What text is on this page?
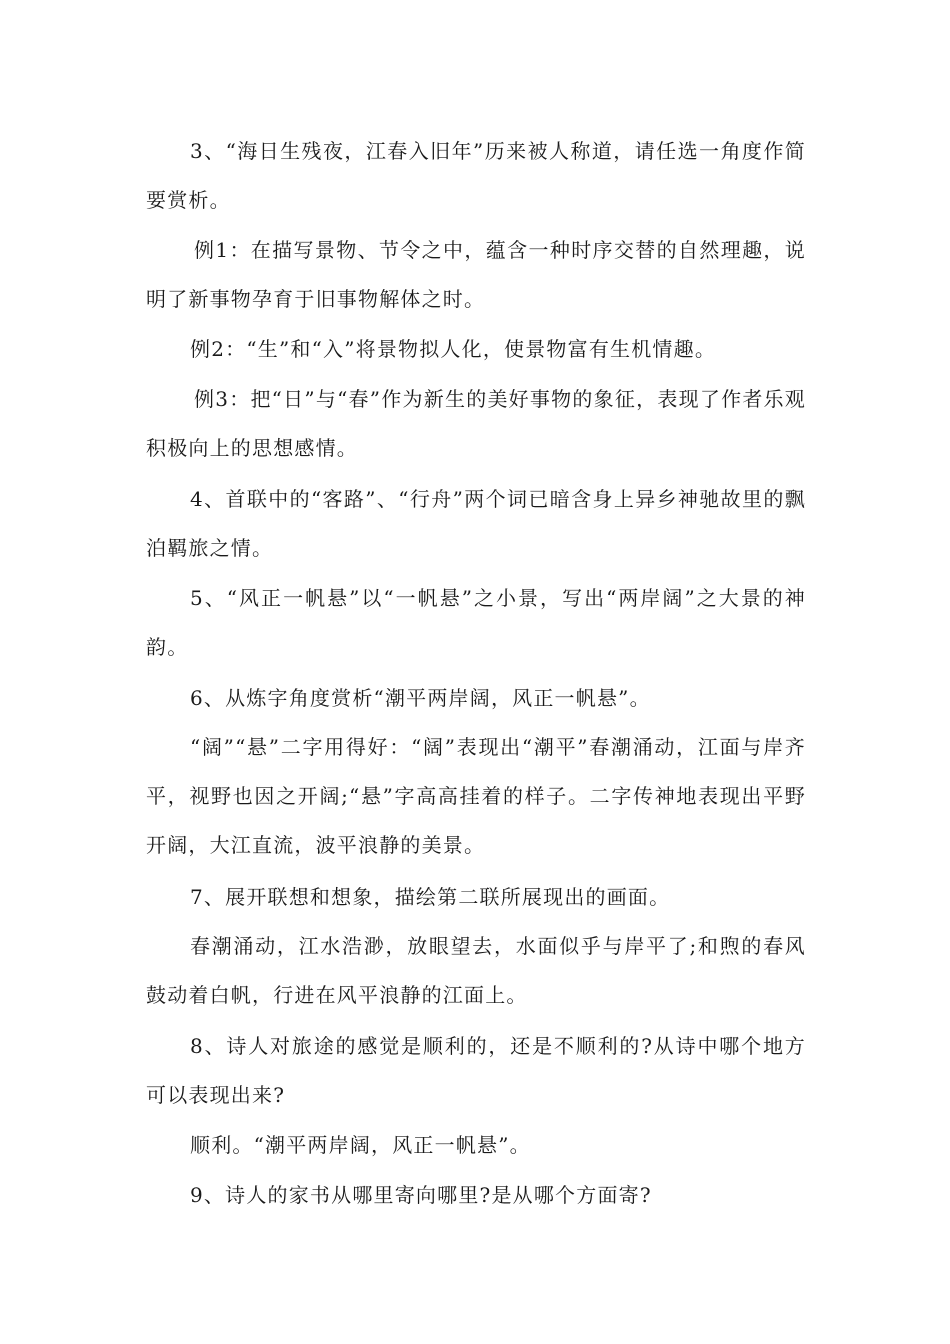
3、“海日生残夜，江春入旧年”历来被人称道，请任选一角度作简要赏析。

例1：在描写景物、节令之中，蕴含一种时序交替的自然理趣，说明了新事物孕育于旧事物解体之时。

例2：“生”和“入”将景物拟人化，使景物富有生机情趣。

例3：把“日”与“春”作为新生的美好事物的象征，表现了作者乐观积极向上的思想感情。

4、首联中的“客路”、“行舟”两个词已暗含身上异乡神驰故里的飘泊羁旅之情。

5、“风正一帆悬”以“一帆悬”之小景，写出“两岸阔”之大景的神韵。

6、从炼字角度赏析“潮平两岸阔，风正一帆悬”。

“阔”“悬”二字用得好：“阔”表现出“潮平”春潮涌动，江面与岸齐平，视野也因之开阔;“悬”字高高挂着的样子。二字传神地表现出平野开阔，大江直流，波平浪静的美景。

7、展开联想和想象，描绘第二联所展现出的画面。

春潮涌动，江水浩渺，放眼望去，水面似乎与岸平了;和煦的春风鼓动着白帆，行进在风平浪静的江面上。

8、诗人对旅途的感觉是顺利的，还是不顺利的?从诗中哪个地方可以表现出来?

顺利。“潮平两岸阔，风正一帆悬”。

9、诗人的家书从哪里寄向哪里?是从哪个方面寄?
